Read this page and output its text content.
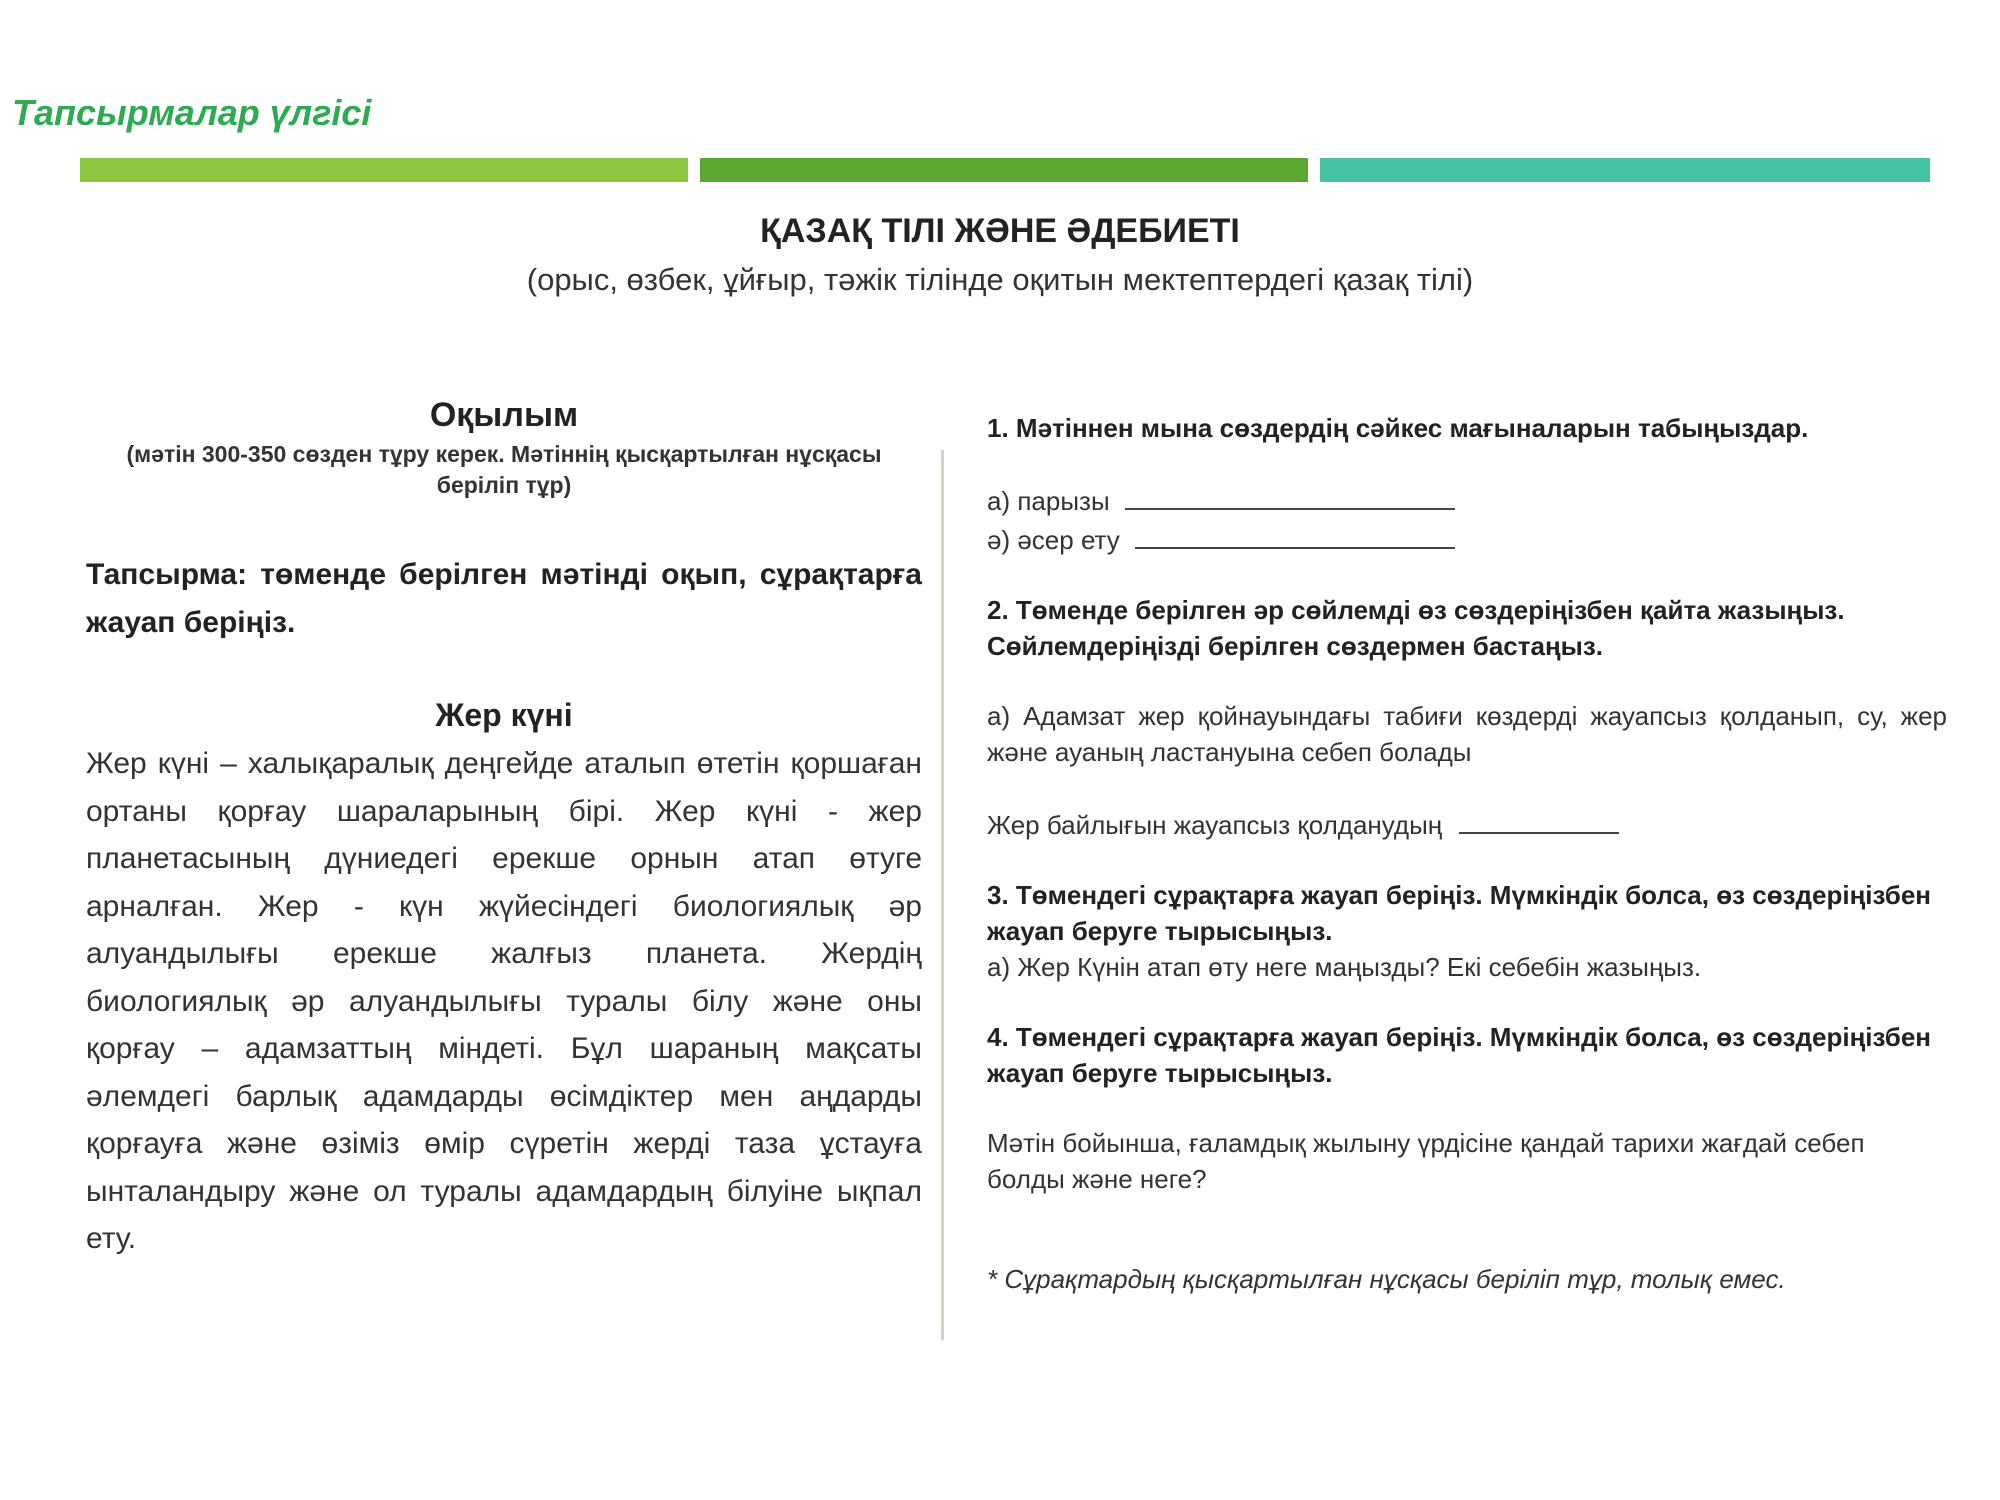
Тапсырмалар үлгісі
ҚАЗАҚ ТІЛІ ЖӘНЕ ӘДЕБИЕТІ
(орыс, өзбек, ұйғыр, тәжік тілінде оқитын мектептердегі қазақ тілі)
Оқылым
(мәтін 300-350 сөзден тұру керек. Мәтіннің қысқартылған нұсқасы беріліп тұр)
Тапсырма: төменде берілген мәтінді оқып, сұрақтарға жауап беріңіз.
Жер күні
Жер күні – халықаралық деңгейде аталып өтетін қоршаған ортаны қорғау шараларының бірі. Жер күні - жер планетасының дүниедегі ерекше орнын атап өтуге арналған. Жер - күн жүйесіндегі биологиялық әр алуандылығы ерекше жалғыз планета. Жердің биологиялық әр алуандылығы туралы білу және оны қорғау – адамзаттың міндеті. Бұл шараның мақсаты әлемдегі барлық адамдарды өсімдіктер мен аңдарды қорғауға және өзіміз өмір сүретін жерді таза ұстауға ынталандыру және ол туралы адамдардың білуіне ықпал ету.
1. Мәтіннен мына сөздердің сәйкес мағыналарын табыңыздар.
а) парызы
ә) әсер ету
2. Төменде берілген әр сөйлемді өз сөздеріңізбен қайта жазыңыз.
Сөйлемдеріңізді берілген сөздермен бастаңыз.
а) Адамзат жер қойнауындағы табиғи көздерді жауапсыз қолданып, су, жер және ауаның ластануына себеп болады
Жер байлығын жауапсыз қолданудың
3. Төмендегі сұрақтарға жауап беріңіз. Мүмкіндік болса, өз сөздеріңізбен жауап беруге тырысыңыз.
а) Жер Күнін атап өту неге маңызды? Екі себебін жазыңыз.
4. Төмендегі сұрақтарға жауап беріңіз. Мүмкіндік болса, өз сөздеріңізбен жауап беруге тырысыңыз.
Мәтін бойынша, ғаламдық жылыну үрдісіне қандай тарихи жағдай себеп болды және неге?
* Сұрақтардың қысқартылған нұсқасы беріліп тұр, толық емес.
